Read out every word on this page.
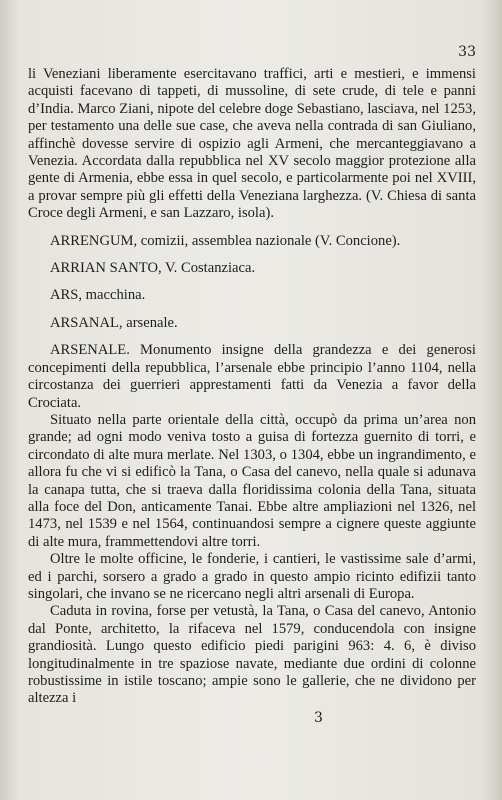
33

li Veneziani liberamente esercitavano traffici, arti e mestieri, e immensi acquisti facevano di tappeti, di mussoline, di sete crude, di tele e panni d’India. Marco Ziani, nipote del celebre doge Sebastiano, lasciava, nel 1253, per testamento una delle sue case, che aveva nella contrada di san Giuliano, affinchè dovesse servire di ospizio agli Armeni, che mercanteggiavano a Venezia. Accordata dalla repubblica nel XV secolo maggior protezione alla gente di Armenia, ebbe essa in quel secolo, e particolarmente poi nel XVIII, a provar sempre più gli effetti della Veneziana larghezza. (V. Chiesa di santa Croce degli Armeni, e san Lazzaro, isola).

ARRENGUM, comizii, assemblea nazionale (V. Concione).

ARRIAN SANTO, V. Costanziaca.

ARS, macchina.

ARSANAL, arsenale.

ARSENALE. Monumento insigne della grandezza e dei generosi concepimenti della repubblica, l’arsenale ebbe principio l’anno 1104, nella circostanza dei guerrieri apprestamenti fatti da Venezia a favor della Crociata.

Situato nella parte orientale della città, occupò da prima un’area non grande; ad ogni modo veniva tosto a guisa di fortezza guernito di torri, e circondato di alte mura merlate. Nel 1303, o 1304, ebbe un ingrandimento, e allora fu che vi si edificò la Tana, o Casa del canevo, nella quale si adunava la canapa tutta, che si traeva dalla floridissima colonia della Tana, situata alla foce del Don, anticamente Tanai. Ebbe altre ampliazioni nel 1326, nel 1473, nel 1539 e nel 1564, continuandosi sempre a cignere queste aggiunte di alte mura, frammettendovi altre torri.

Oltre le molte officine, le fonderie, i cantieri, le vastissime sale d’armi, ed i parchi, sorsero a grado a grado in questo ampio ricinto edifizii tanto singolari, che invano se ne ricercano negli altri arsenali di Europa.

Caduta in rovina, forse per vetustà, la Tana, o Casa del canevo, Antonio dal Ponte, architetto, la rifaceva nel 1579, conducendola con insigne grandiosità. Lungo questo edificio piedi parigini 963: 4. 6, è diviso longitudinalmente in tre spaziose navate, mediante due ordini di colonne robustissime in istile toscano; ampie sono le gallerie, che ne dividono per altezza i

3
